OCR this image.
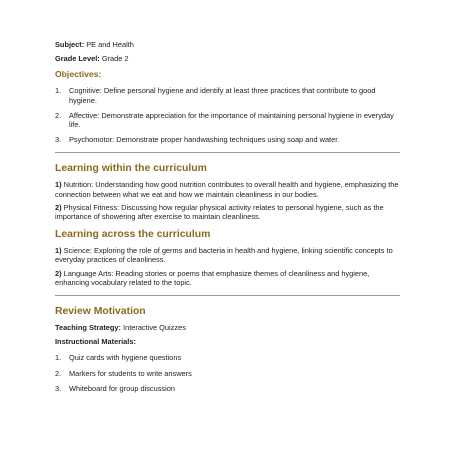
Subject: PE and Health
Grade Level: Grade 2
Objectives:
1. Cognitive: Define personal hygiene and identify at least three practices that contribute to good hygiene.
2. Affective: Demonstrate appreciation for the importance of maintaining personal hygiene in everyday life.
3. Psychomotor: Demonstrate proper handwashing techniques using soap and water.
Learning within the curriculum
1) Nutrition: Understanding how good nutrition contributes to overall health and hygiene, emphasizing the connection between what we eat and how we maintain cleanliness in our bodies.
2) Physical Fitness: Discussing how regular physical activity relates to personal hygiene, such as the importance of showering after exercise to maintain cleanliness.
Learning across the curriculum
1) Science: Exploring the role of germs and bacteria in health and hygiene, linking scientific concepts to everyday practices of cleanliness.
2) Language Arts: Reading stories or poems that emphasize themes of cleanliness and hygiene, enhancing vocabulary related to the topic.
Review Motivation
Teaching Strategy: Interactive Quizzes
Instructional Materials:
1. Quiz cards with hygiene questions
2. Markers for students to write answers
3. Whiteboard for group discussion
